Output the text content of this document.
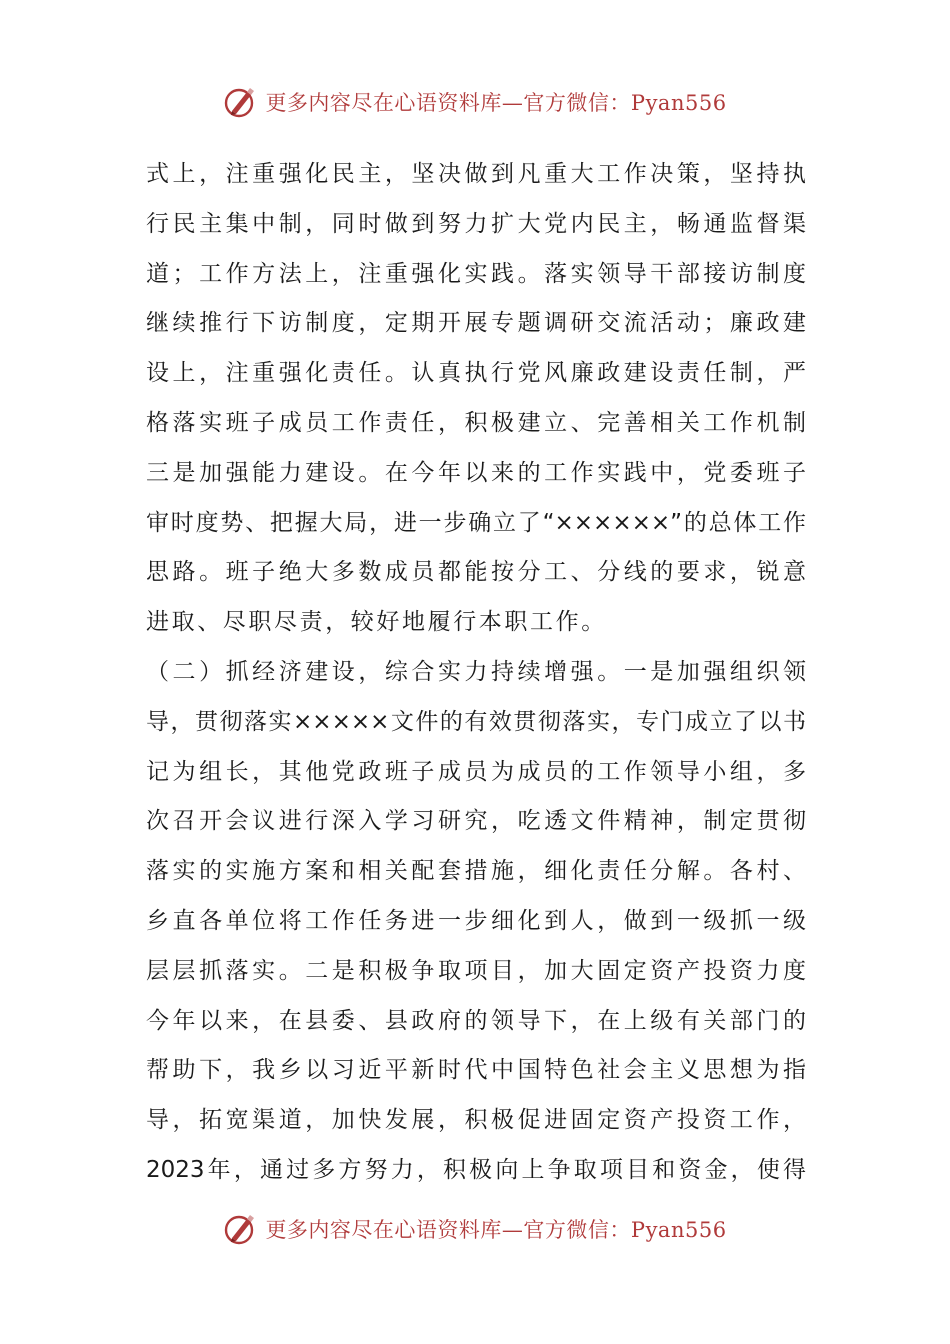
更多内容尽在心语资料库—官方微信：Pyan556
式上，注重强化民主，坚决做到凡重大工作决策，坚持执
行民主集中制，同时做到努力扩大党内民主，畅通监督渠
道；工作方法上，注重强化实践。落实领导干部接访制度
继续推行下访制度，定期开展专题调研交流活动；廉政建
设上，注重强化责任。认真执行党风廉政建设责任制，严
格落实班子成员工作责任，积极建立、完善相关工作机制
三是加强能力建设。在今年以来的工作实践中，党委班子
审时度势、把握大局，进一步确立了“××××××”的总体工作
思路。班子绝大多数成员都能按分工、分线的要求，锐意
进取、尽职尽责，较好地履行本职工作。
（二）抓经济建设，综合实力持续增强。一是加强组织领
导，贯彻落实×××××文件的有效贯彻落实，专门成立了以书
记为组长，其他党政班子成员为成员的工作领导小组，多
次召开会议进行深入学习研究，吃透文件精神，制定贯彻
落实的实施方案和相关配套措施，细化责任分解。各村、
乡直各单位将工作任务进一步细化到人，做到一级抓一级
层层抓落实。二是积极争取项目，加大固定资产投资力度
今年以来，在县委、县政府的领导下，在上级有关部门的
帮助下，我乡以习近平新时代中国特色社会主义思想为指
导，拓宽渠道，加快发展，积极促进固定资产投资工作，
2023年，通过多方努力，积极向上争取项目和资金，使得
更多内容尽在心语资料库—官方微信：Pyan556
